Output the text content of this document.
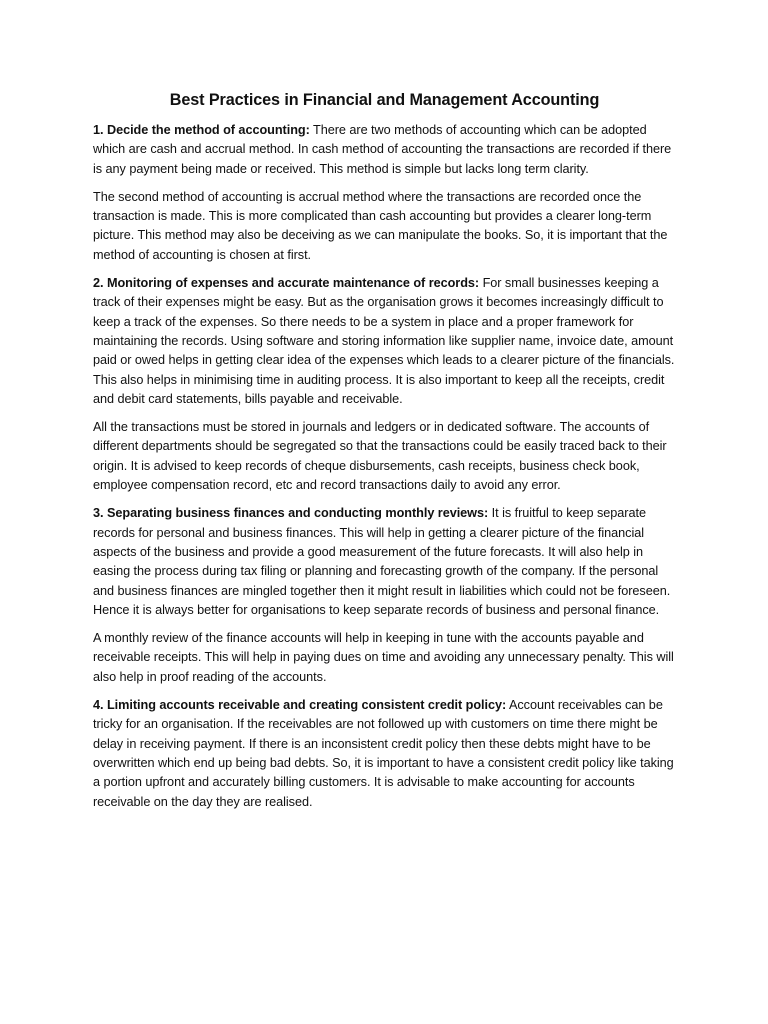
Best Practices in Financial and Management Accounting

1. Decide the method of accounting: There are two methods of accounting which can be adopted which are cash and accrual method. In cash method of accounting the transactions are recorded if there is any payment being made or received. This method is simple but lacks long term clarity.

The second method of accounting is accrual method where the transactions are recorded once the transaction is made. This is more complicated than cash accounting but provides a clearer long-term picture. This method may also be deceiving as we can manipulate the books. So, it is important that the method of accounting is chosen at first.

2. Monitoring of expenses and accurate maintenance of records: For small businesses keeping a track of their expenses might be easy. But as the organisation grows it becomes increasingly difficult to keep a track of the expenses. So there needs to be a system in place and a proper framework for maintaining the records. Using software and storing information like supplier name, invoice date, amount paid or owed helps in getting clear idea of the expenses which leads to a clearer picture of the financials. This also helps in minimising time in auditing process. It is also important to keep all the receipts, credit and debit card statements, bills payable and receivable.

All the transactions must be stored in journals and ledgers or in dedicated software. The accounts of different departments should be segregated so that the transactions could be easily traced back to their origin. It is advised to keep records of cheque disbursements, cash receipts, business check book, employee compensation record, etc and record transactions daily to avoid any error.

3. Separating business finances and conducting monthly reviews: It is fruitful to keep separate records for personal and business finances. This will help in getting a clearer picture of the financial aspects of the business and provide a good measurement of the future forecasts. It will also help in easing the process during tax filing or planning and forecasting growth of the company. If the personal and business finances are mingled together then it might result in liabilities which could not be foreseen. Hence it is always better for organisations to keep separate records of business and personal finance.

A monthly review of the finance accounts will help in keeping in tune with the accounts payable and receivable receipts. This will help in paying dues on time and avoiding any unnecessary penalty. This will also help in proof reading of the accounts.

4. Limiting accounts receivable and creating consistent credit policy: Account receivables can be tricky for an organisation. If the receivables are not followed up with customers on time there might be delay in receiving payment. If there is an inconsistent credit policy then these debts might have to be overwritten which end up being bad debts. So, it is important to have a consistent credit policy like taking a portion upfront and accurately billing customers. It is advisable to make accounting for accounts receivable on the day they are realised.
